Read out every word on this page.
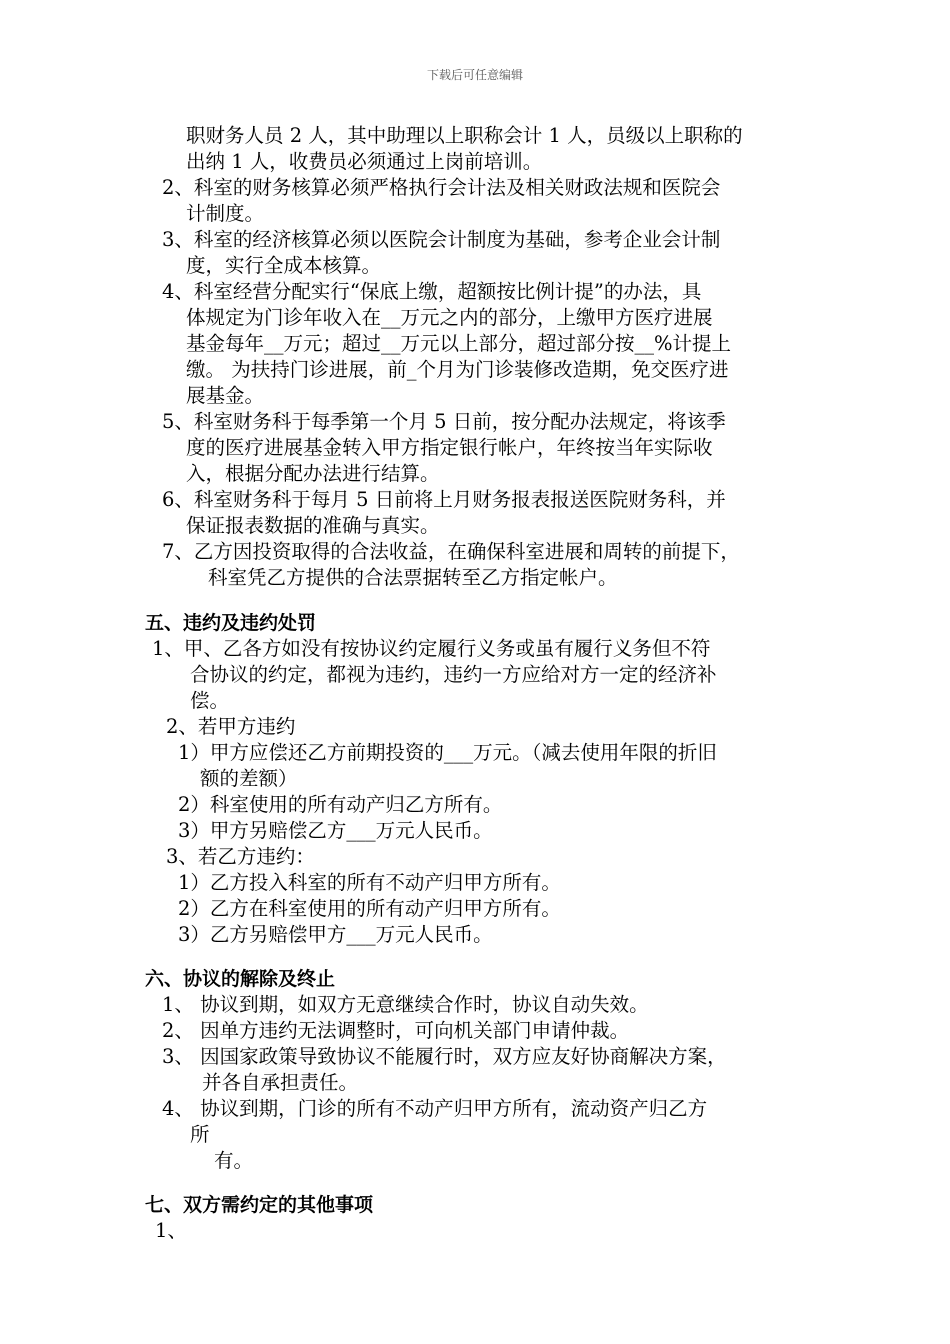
下载后可任意编辑
职财务人员 2 人，其中助理以上职称会计 1 人，员级以上职称的
出纳 1 人，收费员必须通过上岗前培训。
2、科室的财务核算必须严格执行会计法及相关财政法规和医院会
计制度。
3、科室的经济核算必须以医院会计制度为基础，参考企业会计制
度，实行全成本核算。
4、科室经营分配实行“保底上缴，超额按比例计提”的办法，具
体规定为门诊年收入在__万元之内的部分，上缴甲方医疗进展
基金每年__万元；超过__万元以上部分，超过部分按__%计提上
缴。 为扶持门诊进展，前_个月为门诊装修改造期，免交医疗进
展基金。
5、科室财务科于每季第一个月 5 日前，按分配办法规定，将该季
度的医疗进展基金转入甲方指定银行帐户，年终按当年实际收
入，根据分配办法进行结算。
6、科室财务科于每月 5 日前将上月财务报表报送医院财务科，并
保证报表数据的准确与真实。
7、乙方因投资取得的合法收益，在确保科室进展和周转的前提下，
科室凭乙方提供的合法票据转至乙方指定帐户。
五、违约及违约处罚
1、甲、乙各方如没有按协议约定履行义务或虽有履行义务但不符
合协议的约定，都视为违约，违约一方应给对方一定的经济补
偿。
2、若甲方违约
1）甲方应偿还乙方前期投资的___万元。（减去使用年限的折旧
额的差额）
2）科室使用的所有动产归乙方所有。
3）甲方另赔偿乙方___万元人民币。
3、若乙方违约：
1）乙方投入科室的所有不动产归甲方所有。
2）乙方在科室使用的所有动产归甲方所有。
3）乙方另赔偿甲方___万元人民币。
六、协议的解除及终止
1、 协议到期，如双方无意继续合作时，协议自动失效。
2、 因单方违约无法调整时，可向机关部门申请仲裁。
3、 因国家政策导致协议不能履行时，双方应友好协商解决方案，
并各自承担责任。
4、 协议到期，门诊的所有不动产归甲方所有，流动资产归乙方
所
有。
七、双方需约定的其他事项
1、
